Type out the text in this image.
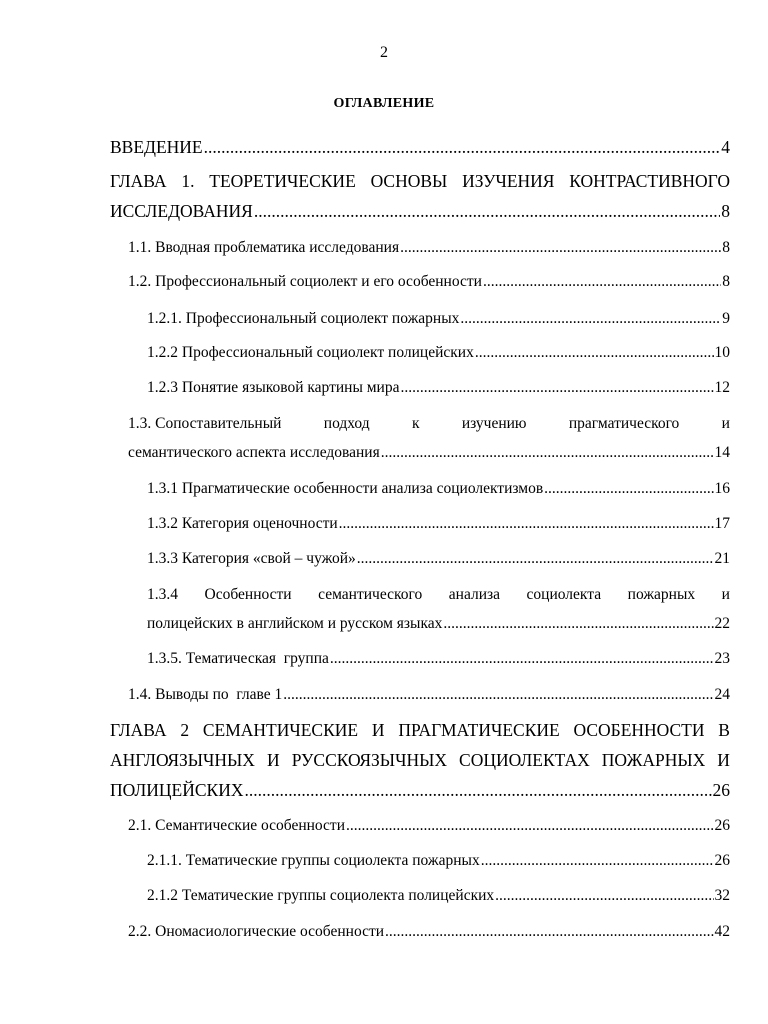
2
ОГЛАВЛЕНИЕ
ВВЕДЕНИЕ .....	4
ГЛАВА 1. ТЕОРЕТИЧЕСКИЕ ОСНОВЫ ИЗУЧЕНИЯ КОНТРАСТИВНОГО
ИССЛЕДОВАНИЯ .....	8
1.1. Вводная проблематика исследования .....	8
1.2. Профессиональный социолект и его особенности .....	8
1.2.1. Профессиональный социолект пожарных .....	9
1.2.2 Профессиональный социолект полицейских .....	10
1.2.3 Понятие языковой картины мира .....	12
1.3. Сопоставительный	подход	к	изучению	прагматического	и
семантического аспекта исследования .....	14
1.3.1 Прагматические особенности анализа социолектизмов .....	16
1.3.2 Категория оценочности .....	17
1.3.3 Категория «свой – чужой» .....	21
1.3.4 Особенности семантического анализа социолекта пожарных и
полицейских в английском и русском языках .....	22
1.3.5. Тематическая  группа .....	23
1.4. Выводы по  главе 1 .....	24
ГЛАВА 2 СЕМАНТИЧЕСКИЕ И ПРАГМАТИЧЕСКИЕ ОСОБЕННОСТИ В
АНГЛОЯЗЫЧНЫХ И РУССКОЯЗЫЧНЫХ СОЦИОЛЕКТАХ ПОЖАРНЫХ И
ПОЛИЦЕЙСКИХ .....	26
2.1. Семантические особенности .....	26
2.1.1. Тематические группы социолекта пожарных .....	26
2.1.2 Тематические группы социолекта полицейских .....	32
2.2. Ономасиологические особенности .....	42
